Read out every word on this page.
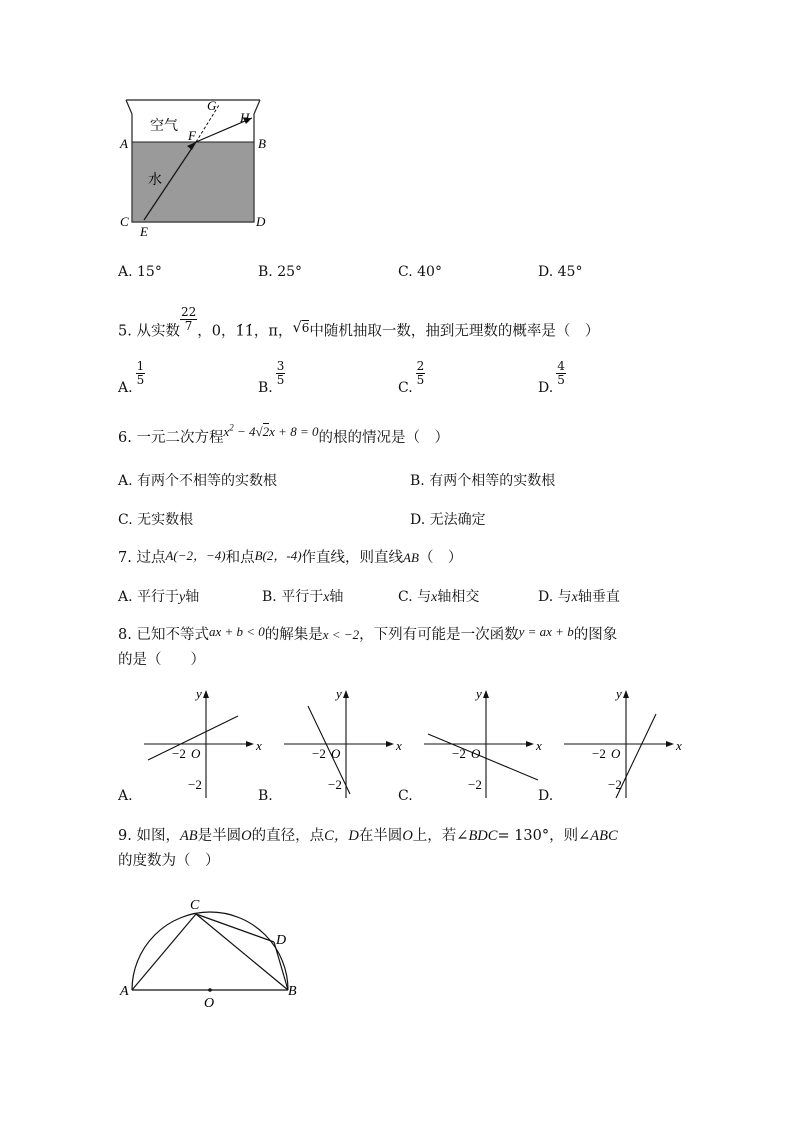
空气
水
A	B
C	D
E
F
G
H
A. 15°	B. 25°	C. 40°	D. 45°
5. 从实数 $\frac{22}{7}$ ，0，1̇1̇，π，√6中随机抽取一数，抽到无理数的概率是（　）
A.
$\frac{1}{5}$
B.
$\frac{3}{5}$
C.
$\frac{2}{5}$
D.
$\frac{4}{5}$
6. 一元二次方程$x^2 - 4√2x + 8 = 0$的根的情况是（　）
A. 有两个不相等的实数根	B. 有两个相等的实数根
C. 无实数根	D. 无法确定
7. 过点A(−2，−4)和点B(2，-4)作直线，则直线AB（　）
A. 平行于y轴	B. 平行于x轴	C. 与x轴相交	D. 与x轴垂直
8. 已知不等式ax + b < 0的解集是x < −2，下列有可能是一次函数y = ax + b的图象
的是（　　）
x
y
O
−2
−2
x
y
O
−2
−2
x
y
O
−2
−2
x
y
O
−2
−2
A.	B.	C.	D.
9. 如图，AB是半圆O的直径，点C，D在半圆O上，若∠BDC= 130°，则∠ABC
的度数为（　）
A	B
C
D
O
